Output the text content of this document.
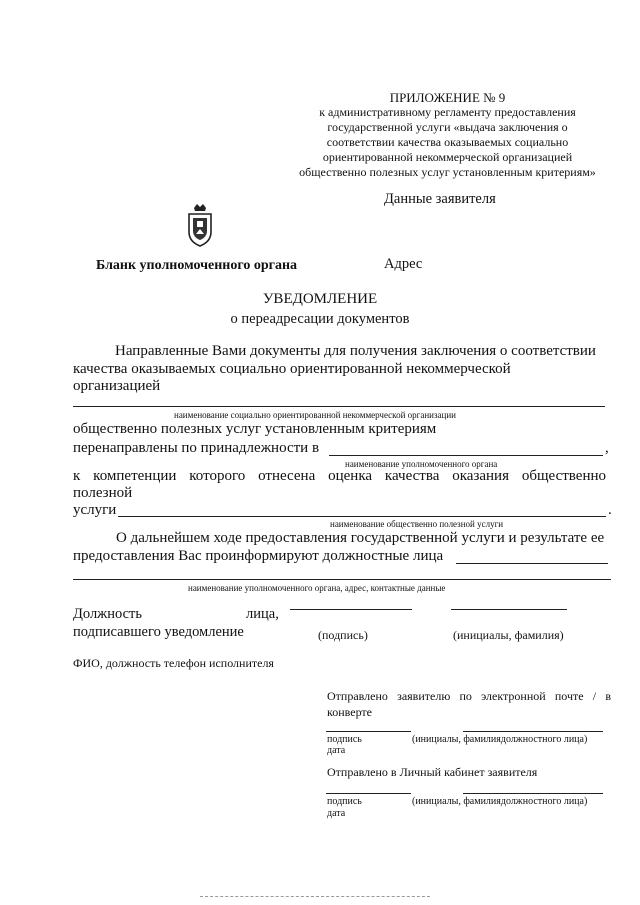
ПРИЛОЖЕНИЕ № 9
к административному регламенту предоставления
государственной услуги «выдача заключения о
соответствии качества оказываемых социально
ориентированной некоммерческой организацией
общественно полезных услуг установленным критериям»
Данные заявителя
Бланк уполномоченного органа	Адрес
УВЕДОМЛЕНИЕ
о переадресации документов
Направленные Вами документы для получения заключения о соответствии
качества оказываемых социально ориентированной некоммерческой
организацией
наименование социально ориентированной некоммерческой организации
общественно полезных услуг установленным критериям
перенаправлены по принадлежности в	,
наименование уполномоченного органа
к компетенции которого отнесена оценка качества оказания общественно
полезной
услуги	.
наименование общественно полезной услуги
О дальнейшем ходе предоставления государственной услуги и результате ее
предоставления Вас проинформируют должностные лица
наименование уполномоченного органа, адрес, контактные данные
Должность	лица,
подписавшего уведомление	(подпись)	(инициалы, фамилия)
ФИО, должность телефон исполнителя
Отправлено заявителю по электронной почте / в
конверте
подпись	(инициалы, фамилиядолжностного лица)
дата
Отправлено в Личный кабинет заявителя
подпись	(инициалы, фамилиядолжностного лица)
дата
